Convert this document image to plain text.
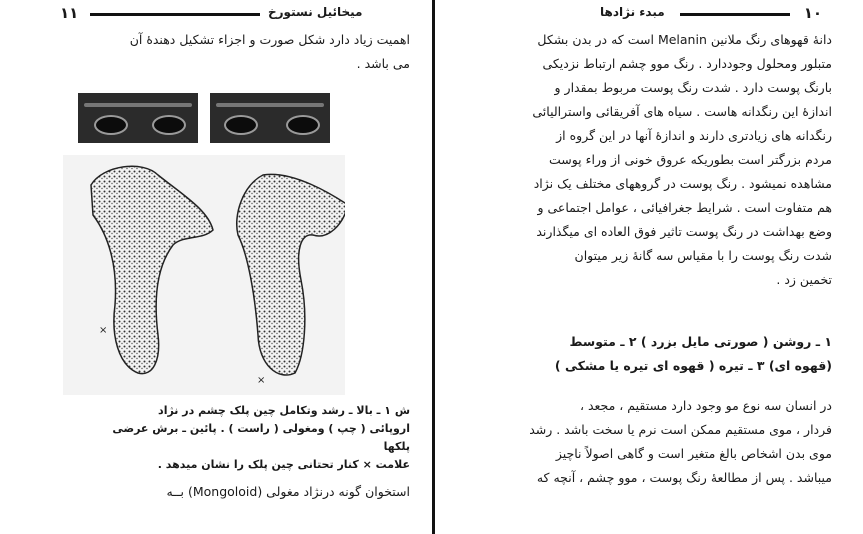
۱۱	میخائیل نستورخ
اهمیت زیاد دارد شکل صورت و اجزاء تشکیل دهندهٔ آن
می باشد .
×
×
ش ۱ ـ بالا ـ رشد وتکامل چین پلک چشم در نژاد
اروپائی ( چپ ) ومغولی ( راست ) . پائین ـ برش عرضی پلکها
علامت × کنار تحتانی چین پلک را نشان میدهد .
استخوان گونه درنژاد مغولی (Mongoloid) بــه
۱۰
مبدء نژادها
دانهٔ قهوهای رنگ ملانین Melanin است که در بدن بشکل
متبلور ومحلول وجوددارد . رنگ موو چشم ارتباط نزدیکی
بارنگ پوست دارد . شدت رنگ پوست مربوط بمقدار و
اندازهٔ این رنگدانه هاست . سیاه های آفریقائی واسترالیائی
رنگدانه های زیادتری دارند و اندازهٔ آنها در این گروه از
مردم بزرگتر است بطوریکه عروق خونی از وراء پوست
مشاهده نمیشود . رنگ پوست در گروههای مختلف یک نژاد
هم متفاوت است . شرایط جغرافیائی ، عوامل اجتماعی و
وضع بهداشت در رنگ پوست تاثیر فوق العاده ای میگذارند
شدت رنگ پوست را با مقیاس سه گانهٔ زیر میتوان
تخمین زد .
۱ ـ روشن ( صورتی مایل بزرد ) ۲ ـ متوسط
(قهوه ای) ۳ ـ تیره ( قهوه ای تیره یا مشکی )
در انسان سه نوع مو وجود دارد مستقیم ، مجعد ،
فردار ، موی مستقیم ممکن است نرم یا سخت باشد . رشد
موی بدن اشخاص بالغ متغیر است و گاهی اصولاً ناچیز
میباشد . پس از مطالعهٔ رنگ پوست ، موو چشم ، آنچه که
